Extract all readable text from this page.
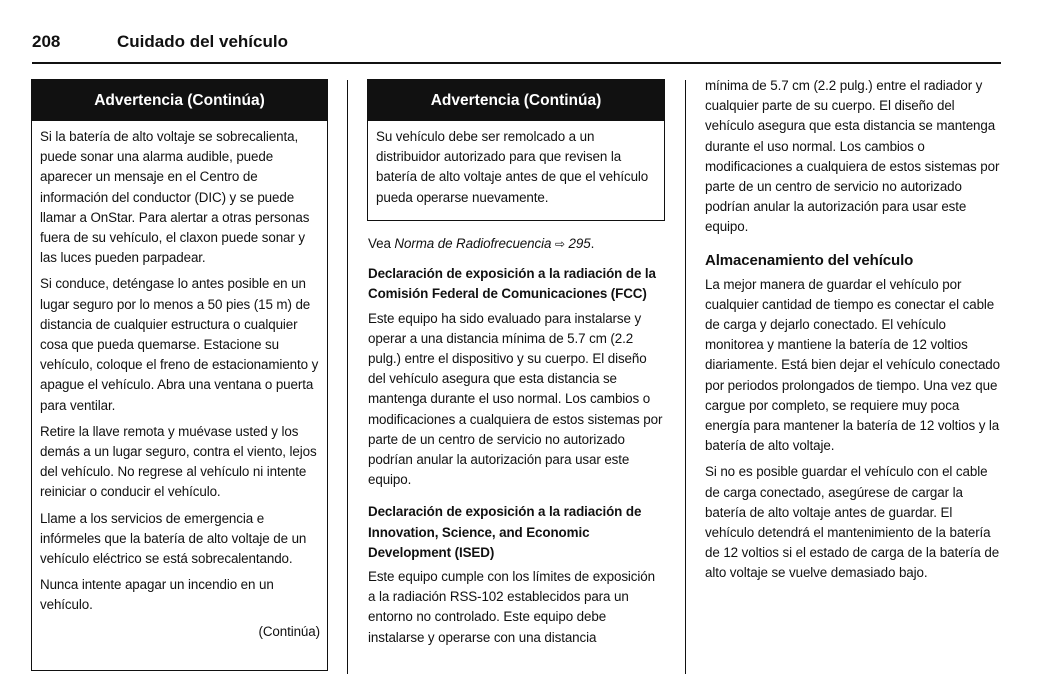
208	Cuidado del vehículo
Advertencia (Continúa)

Si la batería de alto voltaje se sobrecalienta, puede sonar una alarma audible, puede aparecer un mensaje en el Centro de información del conductor (DIC) y se puede llamar a OnStar. Para alertar a otras personas fuera de su vehículo, el claxon puede sonar y las luces pueden parpadear.

Si conduce, deténgase lo antes posible en un lugar seguro por lo menos a 50 pies (15 m) de distancia de cualquier estructura o cualquier cosa que pueda quemarse. Estacione su vehículo, coloque el freno de estacionamiento y apague el vehículo. Abra una ventana o puerta para ventilar.

Retire la llave remota y muévase usted y los demás a un lugar seguro, contra el viento, lejos del vehículo. No regrese al vehículo ni intente reiniciar o conducir el vehículo.

Llame a los servicios de emergencia e infórmeles que la batería de alto voltaje de un vehículo eléctrico se está sobrecalentando.

Nunca intente apagar un incendio en un vehículo.

(Continúa)
Advertencia (Continúa)

Su vehículo debe ser remolcado a un distribuidor autorizado para que revisen la batería de alto voltaje antes de que el vehículo pueda operarse nuevamente.

Vea Norma de Radiofrecuencia ⇨ 295.

Declaración de exposición a la radiación de la Comisión Federal de Comunicaciones (FCC)

Este equipo ha sido evaluado para instalarse y operar a una distancia mínima de 5.7 cm (2.2 pulg.) entre el dispositivo y su cuerpo. El diseño del vehículo asegura que esta distancia se mantenga durante el uso normal. Los cambios o modificaciones a cualquiera de estos sistemas por parte de un centro de servicio no autorizado podrían anular la autorización para usar este equipo.

Declaración de exposición a la radiación de Innovation, Science, and Economic Development (ISED)

Este equipo cumple con los límites de exposición a la radiación RSS-102 establecidos para un entorno no controlado. Este equipo debe instalarse y operarse con una distancia

mínima de 5.7 cm (2.2 pulg.) entre el radiador y cualquier parte de su cuerpo. El diseño del vehículo asegura que esta distancia se mantenga durante el uso normal. Los cambios o modificaciones a cualquiera de estos sistemas por parte de un centro de servicio no autorizado podrían anular la autorización para usar este equipo.

Almacenamiento del vehículo

La mejor manera de guardar el vehículo por cualquier cantidad de tiempo es conectar el cable de carga y dejarlo conectado. El vehículo monitorea y mantiene la batería de 12 voltios diariamente. Está bien dejar el vehículo conectado por periodos prolongados de tiempo. Una vez que cargue por completo, se requiere muy poca energía para mantener la batería de 12 voltios y la batería de alto voltaje.

Si no es posible guardar el vehículo con el cable de carga conectado, asegúrese de cargar la batería de alto voltaje antes de guardar. El vehículo detendrá el mantenimiento de la batería de 12 voltios si el estado de carga de la batería de alto voltaje se vuelve demasiado bajo.
